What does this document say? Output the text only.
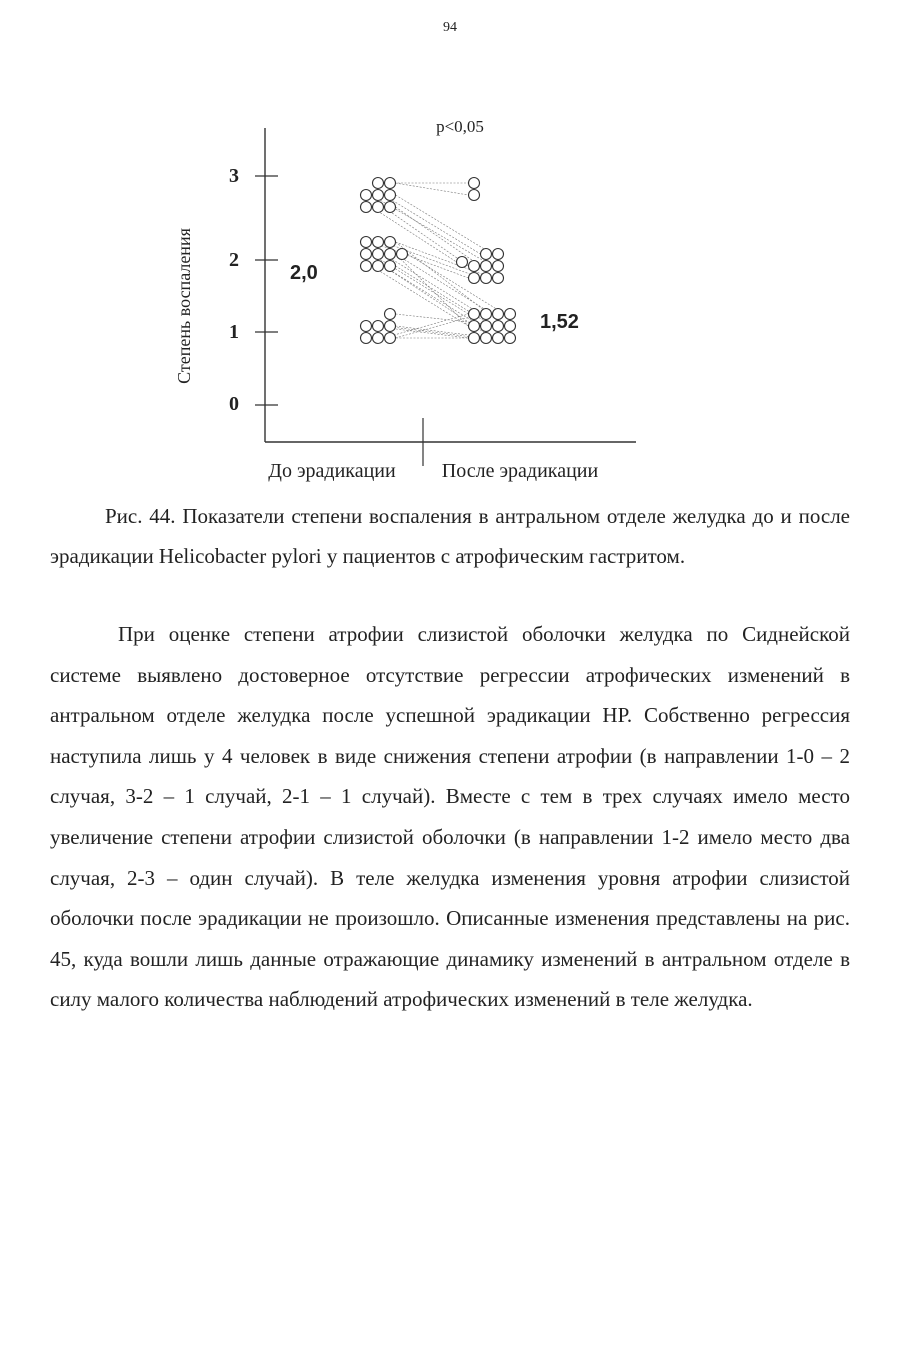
94
3
2
1
0
Степень воспаления
p<0,05
2,0
1,52
До эрадикации После эрадикации
Рис. 44. Показатели степени воспаления в антральном отделе желудка до и после эрадикации Helicobacter pylori у пациентов с атрофическим гастритом.
При оценке степени атрофии слизистой оболочки желудка по Сиднейской системе выявлено достоверное отсутствие регрессии атрофических изменений в антральном отделе желудка после успешной эрадикации HP. Собственно регрессия наступила лишь у 4 человек в виде снижения степени атрофии (в направлении 1-0 – 2 случая, 3-2 – 1 случай, 2-1 – 1 случай). Вместе с тем в трех случаях имело место увеличение степени атрофии слизистой оболочки (в направлении 1-2 имело место два случая, 2-3 – один случай). В теле желудка изменения уровня атрофии слизистой оболочки после эрадикации не произошло. Описанные изменения представлены на рис. 45, куда вошли лишь данные отражающие динамику изменений в антральном отделе в силу малого количества наблюдений атрофических изменений в теле желудка.
